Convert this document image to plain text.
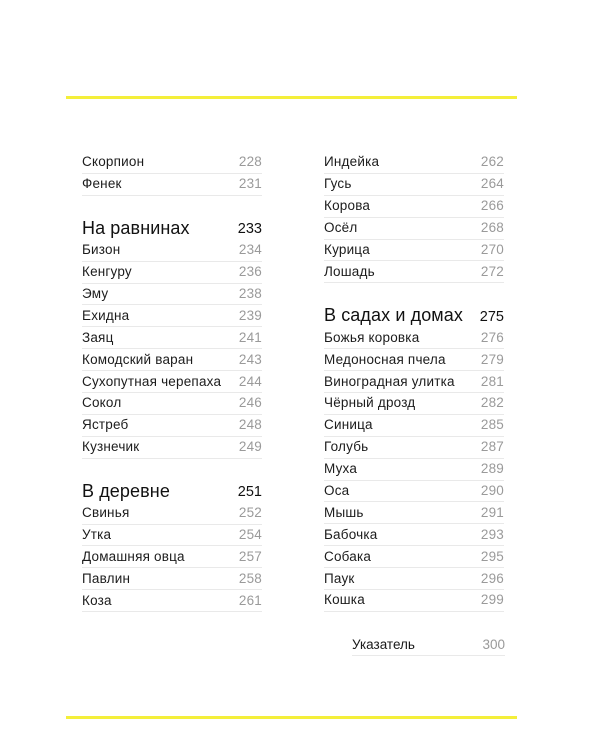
Скорпион	228
Фенек	231
На равнинах	233
Бизон	234
Кенгуру	236
Эму	238
Ехидна	239
Заяц	241
Комодский варан	243
Сухопутная черепаха 244
Сокол	246
Ястреб	248
Кузнечик	249
В деревне	251
Свинья	252
Утка	254
Домашняя овца	257
Павлин	258
Коза	261
Индейка	262
Гусь	264
Корова	266
Осёл	268
Курица	270
Лошадь	272
В садах и домах 275
Божья коровка	276
Медоносная пчела	279
Виноградная улитка 281
Чёрный дрозд	282
Синица	285
Голубь	287
Муха	289
Оса	290
Мышь	291
Бабочка	293
Собака	295
Паук	296
Кошка	299
Указатель	300
